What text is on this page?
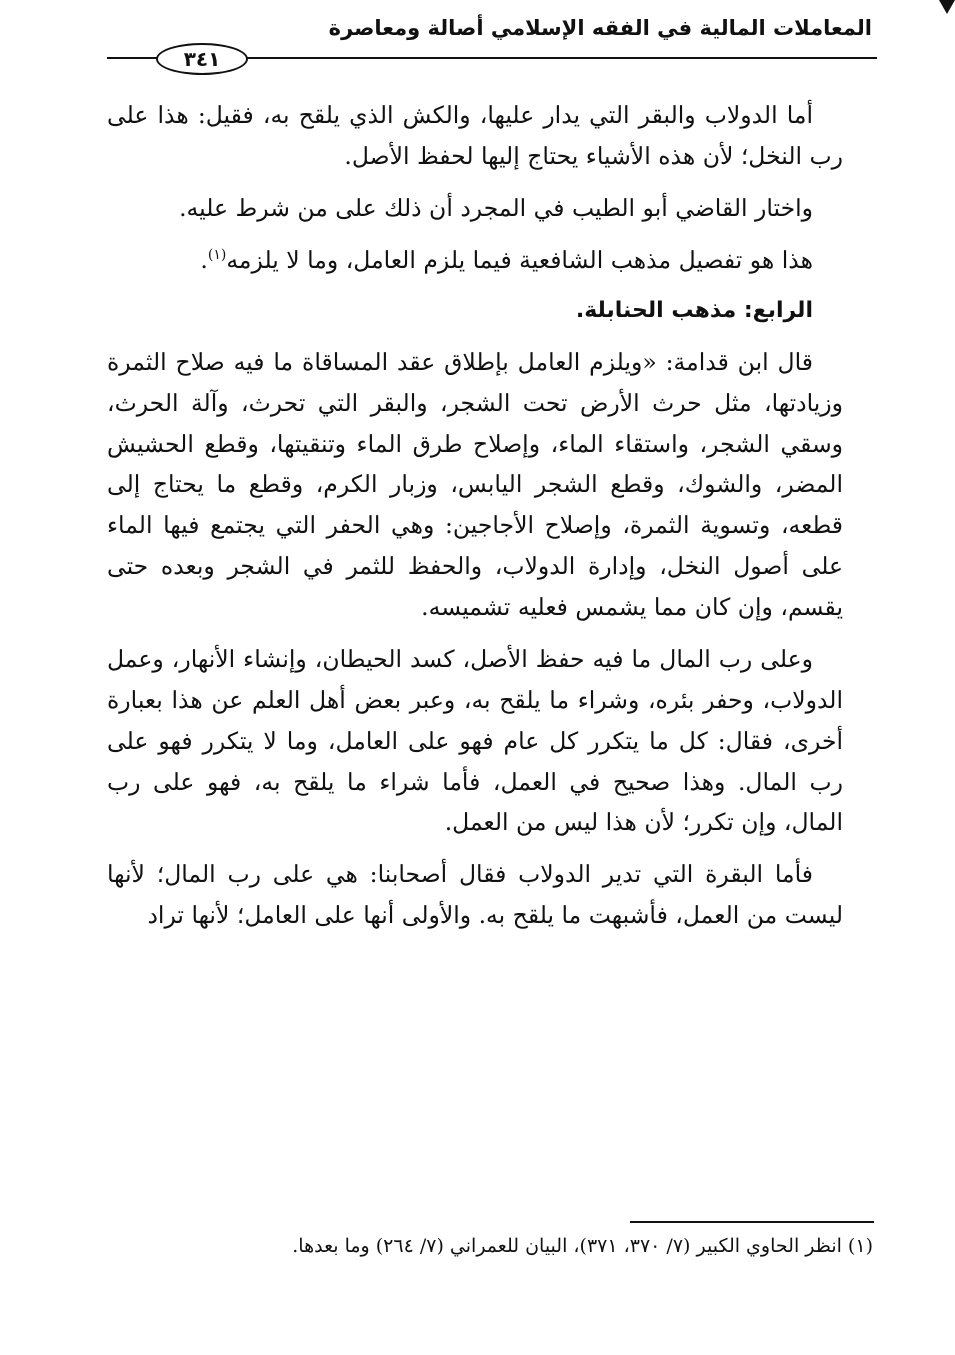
المعاملات المالية في الفقه الإسلامي أصالة ومعاصرة
٣٤١

أما الدولاب والبقر التي يدار عليها، والكش الذي يلقح به، فقيل: هذا على رب النخل؛ لأن هذه الأشياء يحتاج إليها لحفظ الأصل.

واختار القاضي أبو الطيب في المجرد أن ذلك على من شرط عليه.

هذا هو تفصيل مذهب الشافعية فيما يلزم العامل، وما لا يلزمه$^{(١)}$.

الرابع: مذهب الحنابلة.

قال ابن قدامة: «ويلزم العامل بإطلاق عقد المساقاة ما فيه صلاح الثمرة وزيادتها، مثل حرث الأرض تحت الشجر، والبقر التي تحرث، وآلة الحرث، وسقي الشجر، واستقاء الماء، وإصلاح طرق الماء وتنقيتها، وقطع الحشيش المضر، والشوك، وقطع الشجر اليابس، وزبار الكرم، وقطع ما يحتاج إلى قطعه، وتسوية الثمرة، وإصلاح الأجاجين: وهي الحفر التي يجتمع فيها الماء على أصول النخل، وإدارة الدولاب، والحفظ للثمر في الشجر وبعده حتى يقسم، وإن كان مما يشمس فعليه تشميسه.

وعلى رب المال ما فيه حفظ الأصل، كسد الحيطان، وإنشاء الأنهار، وعمل الدولاب، وحفر بئره، وشراء ما يلقح به، وعبر بعض أهل العلم عن هذا بعبارة أخرى، فقال: كل ما يتكرر كل عام فهو على العامل، وما لا يتكرر فهو على رب المال. وهذا صحيح في العمل، فأما شراء ما يلقح به، فهو على رب المال، وإن تكرر؛ لأن هذا ليس من العمل.

فأما البقرة التي تدير الدولاب فقال أصحابنا: هي على رب المال؛ لأنها ليست من العمل، فأشبهت ما يلقح به. والأولى أنها على العامل؛ لأنها تراد

(١) انظر الحاوي الكبير (٧/ ٣٧٠، ٣٧١)، البيان للعمراني (٧/ ٢٦٤) وما بعدها.
